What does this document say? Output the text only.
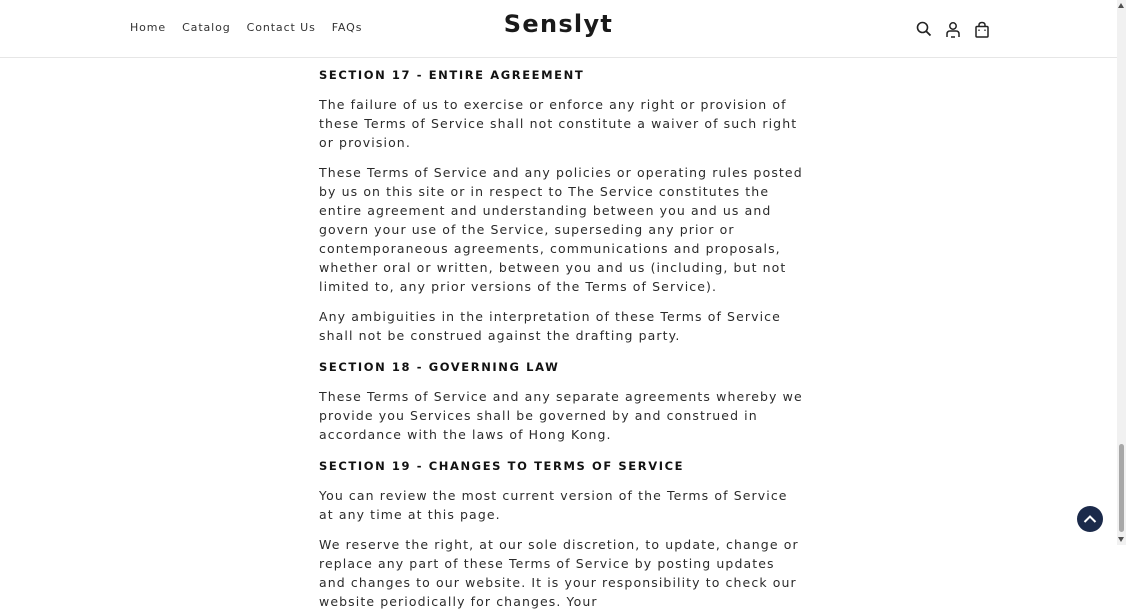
Home	Catalog	Contact Us	FAQs	Senslyt
SECTION 17 - ENTIRE AGREEMENT

The failure of us to exercise or enforce any right or provision of these Terms of Service shall not constitute a waiver of such right or provision.

These Terms of Service and any policies or operating rules posted by us on this site or in respect to The Service constitutes the entire agreement and understanding between you and us and govern your use of the Service, superseding any prior or contemporaneous agreements, communications and proposals, whether oral or written, between you and us (including, but not limited to, any prior versions of the Terms of Service).

Any ambiguities in the interpretation of these Terms of Service shall not be construed against the drafting party.

SECTION 18 - GOVERNING LAW

These Terms of Service and any separate agreements whereby we provide you Services shall be governed by and construed in accordance with the laws of Hong Kong.

SECTION 19 - CHANGES TO TERMS OF SERVICE

You can review the most current version of the Terms of Service at any time at this page.

We reserve the right, at our sole discretion, to update, change or replace any part of these Terms of Service by posting updates and changes to our website. It is your responsibility to check our website periodically for changes. Your
